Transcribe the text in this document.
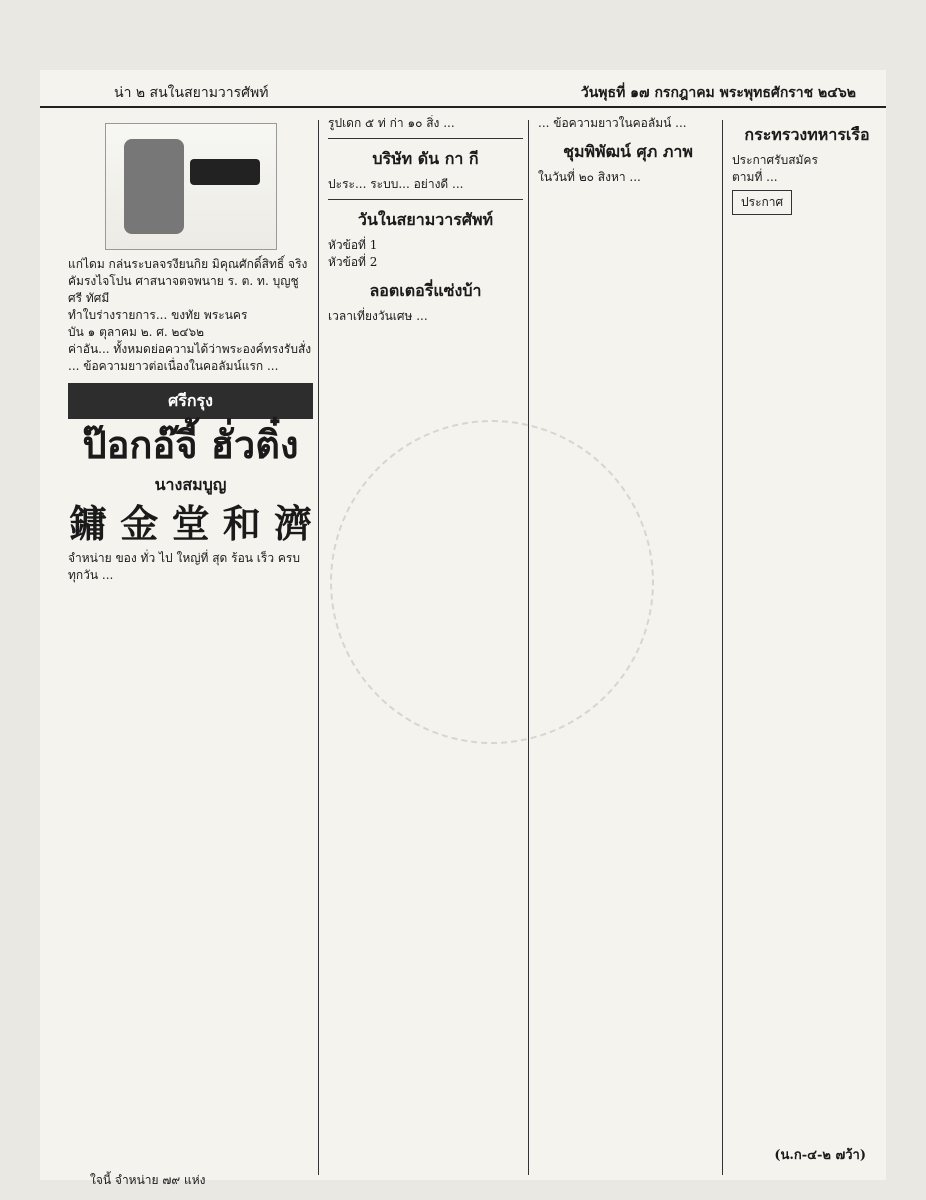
น่า ๒ สนในสยามวารศัพท์	วันพุธที่ ๑๗ กรกฎาคม พระพุทธศักราช ๒๔๖๒
แก่ไดม กล่นระบลจรงียนกิย มิคุณศักดิ์สิทธิ์ จริง คัมรงไจโปน ศาสนาจตจพนาย ร. ต. ท. บุญชู ศรี ทัศมี
ทำใบร่างรายการ... ขงทัย พระนคร
บัน ๑ ตุลาคม ๒. ศ. ๒๔๖๒
ค่าอัน... ทั้งหมดย่อความได้ว่าพระองค์ทรงรับสั่ง
... ข้อความยาวต่อเนื่องในคอลัมน์แรก ...
ศรีกรุง
ป๊อกอ๊จี้ ฮั่วติ๋ง
นางสมบูญ
鏞 金 堂 和 濟
จำหน่าย ของ ทั่ว ไป ใหญ่ที่ สุด ร้อน เร็ว ครบทุกวัน ...
รูปเดก ๕ ท่ ก่า ๑๐ สิ่ง ...
บริษัท ดัน กา กี
ปะระ... ระบบ... อย่างดี ...
วันในสยามวารศัพท์
หัวข้อที่ 1
หัวข้อที่ 2
ลอตเตอรี่แซ่งบ้า
เวลาเที่ยงวันเศษ ...
... ข้อความยาวในคอลัมน์ ...
ชุมพิพัฒน์ ศุภ ภาพ
ในวันที่ ๒๐ สิงหา ...
กระทรวงทหารเรือ
ประกาศรับสมัคร
ตามที่ ...
ประกาศ
ใจนี้ จำหน่าย ๗๙ แห่ง
(น.ก-๔-๒ ๗ว้า)
